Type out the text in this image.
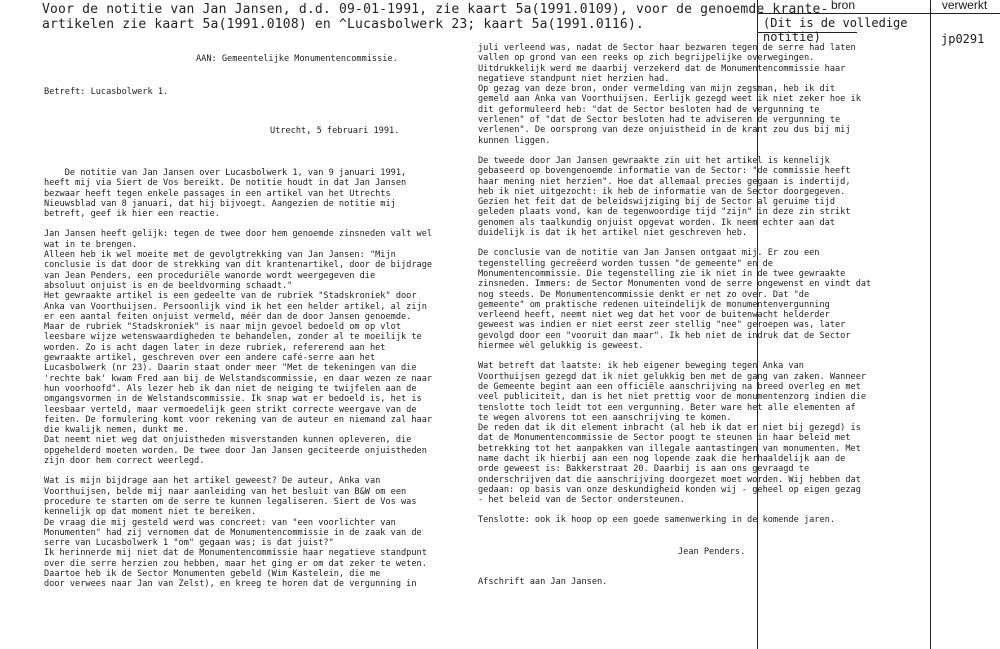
Voor de notitie van Jan Jansen, d.d. 09-01-1991, zie kaart 5a(1991.0109), voor de genoemde krante-
artikelen zie kaart 5a(1991.0108) en ^Lucasbolwerk 23; kaart 5a(1991.0116).
bron	verwerkt
(Dit is de volledige
notitie)	jp0291
AAN: Gemeentelijke Monumentencommissie.
Betreft: Lucasbolwerk 1.
Utrecht, 5 februari 1991.
De notitie van Jan Jansen over Lucasbolwerk 1, van 9 januari 1991,
heeft mij via Siert de Vos bereikt. De notitie houdt in dat Jan Jansen
bezwaar heeft tegen enkele passages in een artikel van het Utrechts
Nieuwsblad van 8 januari, dat hij bijvoegt. Aangezien de notitie mij
betreft, geef ik hier een reactie.
Jan Jansen heeft gelijk: tegen de twee door hem genoemde zinsneden valt wel
wat in te brengen.
Alleen heb ik wel moeite met de gevolgtrekking van Jan Jansen: "Mijn
conclusie is dat door de strekking van dit krantenartikel, door de bijdrage
van Jean Penders, een proceduriële wanorde wordt weergegeven die
absoluut onjuist is en de beeldvorming schaadt."
Het gewraakte artikel is een gedeelte van de rubriek "Stadskroniek" door
Anka van Voorthuijsen. Persoonlijk vind ik het een helder artikel, al zijn
er een aantal feiten onjuist vermeld, méér dan de door Jansen genoemde.
Maar de rubriek "Stadskroniek" is naar mijn gevoel bedoeld om op vlot
leesbare wijze wetenswaardigheden te behandelen, zonder al te moeilijk te
worden. Zo is acht dagen later in deze rubriek, refererend aan het
gewraakte artikel, geschreven over een andere café-serre aan het
Lucasbolwerk (nr 23). Daarin staat onder meer "Met de tekeningen van die
'rechte bak' kwam Fred aan bij de Welstandscommissie, en daar wezen ze naar
hun voorhoofd". Als lezer heb ik dan niet de neiging te twijfelen aan de
omgangsvormen in de Welstandscommissie. Ik snap wat er bedoeld is, het is
leesbaar verteld, maar vermoedelijk geen strikt correcte weergave van de
feiten. De formulering komt voor rekening van de auteur en niemand zal haar
die kwalijk nemen, dunkt me.
Dat neemt niet weg dat onjuistheden misverstanden kunnen opleveren, die
opgehelderd moeten worden. De twee door Jan Jansen geciteerde onjuistheden
zijn door hem correct weerlegd.
Wat is mijn bijdrage aan het artikel geweest? De auteur, Anka van
Voorthuijsen, belde mij naar aanleiding van het besluit van B&W om een
procedure te starten om de serre te kunnen legaliseren. Siert de Vos was
kennelijk op dat moment niet te bereiken.
De vraag die mij gesteld werd was concreet: van "een voorlichter van
Monumenten" had zij vernomen dat de Monumentencommissie in de zaak van de
serre van Lucasbolwerk 1 "om" gegaan was; is dat juist?"
Ik herinnerde mij niet dat de Monumentencommissie haar negatieve standpunt
over die serre herzien zou hebben, maar het ging er om dat zeker te weten.
Daartoe heb ik de Sector Monumenten gebeld (Wim Kastelein, die me
door verwees naar Jan van Zelst), en kreeg te horen dat de vergunning in
juli verleend was, nadat de Sector haar bezwaren tegen de serre had laten
vallen op grond van een reeks op zich begrijpelijke overwegingen.
Uitdrukkelijk werd me daarbij verzekerd dat de Monumentencommissie haar
negatieve standpunt niet herzien had.
Op gezag van deze bron, onder vermelding van mijn zegsman, heb ik dit
gemeld aan Anka van Voorthuijsen. Eerlijk gezegd weet ik niet zeker hoe ik
dit geformuleerd heb: "dat de Sector besloten had de vergunning te
verlenen" of "dat de Sector besloten had te adviseren de vergunning te
verlenen". De oorsprong van deze onjuistheid in de krant zou dus bij mij
kunnen liggen.
De tweede door Jan Jansen gewraakte zin uit het artikel is kennelijk
gebaseerd op bovengenoemde informatie van de Sector: "de commissie heeft
haar mening niet herzien". Hoe dat allemaal precies gegaan is indertijd,
heb ik niet uitgezocht: ik heb de informatie van de Sector doorgegeven.
Gezien het feit dat de beleidswijziging bij de Sector al geruime tijd
geleden plaats vond, kan de tegenwoordige tijd "zijn" in deze zin strikt
genomen als taalkundig onjuist opgevat worden. Ik neem echter aan dat
duidelijk is dat ik het artikel niet geschreven heb.
De conclusie van de notitie van Jan Jansen ontgaat mij. Er zou een
tegenstelling gecreëerd worden tussen "de gemeente" en de
Monumentencommissie. Die tegenstelling zie ik niet in de twee gewraakte
zinsneden. Immers: de Sector Monumenten vond de serre ongewenst en vindt dat
nog steeds. De Monumentencommissie denkt er net zo over. Dat "de
gemeente" om praktische redenen uiteindelijk de monumentenvergunning
verleend heeft, neemt niet weg dat het voor de buitenwacht helderder
geweest was indien er niet eerst zeer stellig "nee" geroepen was, later
gevolgd door een "vooruit dan maar". Ik heb niet de indruk dat de Sector
hiermee wèl gelukkig is geweest.
Wat betreft dat laatste: ik heb eigener beweging tegen Anka van
Voorthuijsen gezegd dat ik niet gelukkig ben met de gang van zaken. Wanneer
de Gemeente begint aan een officiële aanschrijving na breed overleg en met
veel publiciteit, dan is het niet prettig voor de monumentenzorg indien die
tenslotte toch leidt tot een vergunning. Beter ware het alle elementen af
te wegen alvorens tot een aanschrijving te komen.
De reden dat ik dit element inbracht (al heb ik dat er niet bij gezegd) is
dat de Monumentencommissie de Sector poogt te steunen in haar beleid met
betrekking tot het aanpakken van illegale aantastingen van monumenten. Met
name dacht ik hierbij aan een nog lopende zaak die herhaaldelijk aan de
orde geweest is: Bakkerstraat 20. Daarbij is aan ons gevraagd te
onderschrijven dat die aanschrijving doorgezet moet worden. Wij hebben dat
gedaan: op basis van onze deskundigheid konden wij - geheel op eigen gezag
- het beleid van de Sector ondersteunen.
Tenslotte: ook ik hoop op een goede samenwerking in de komende jaren.
Jean Penders.
Afschrift aan Jan Jansen.
